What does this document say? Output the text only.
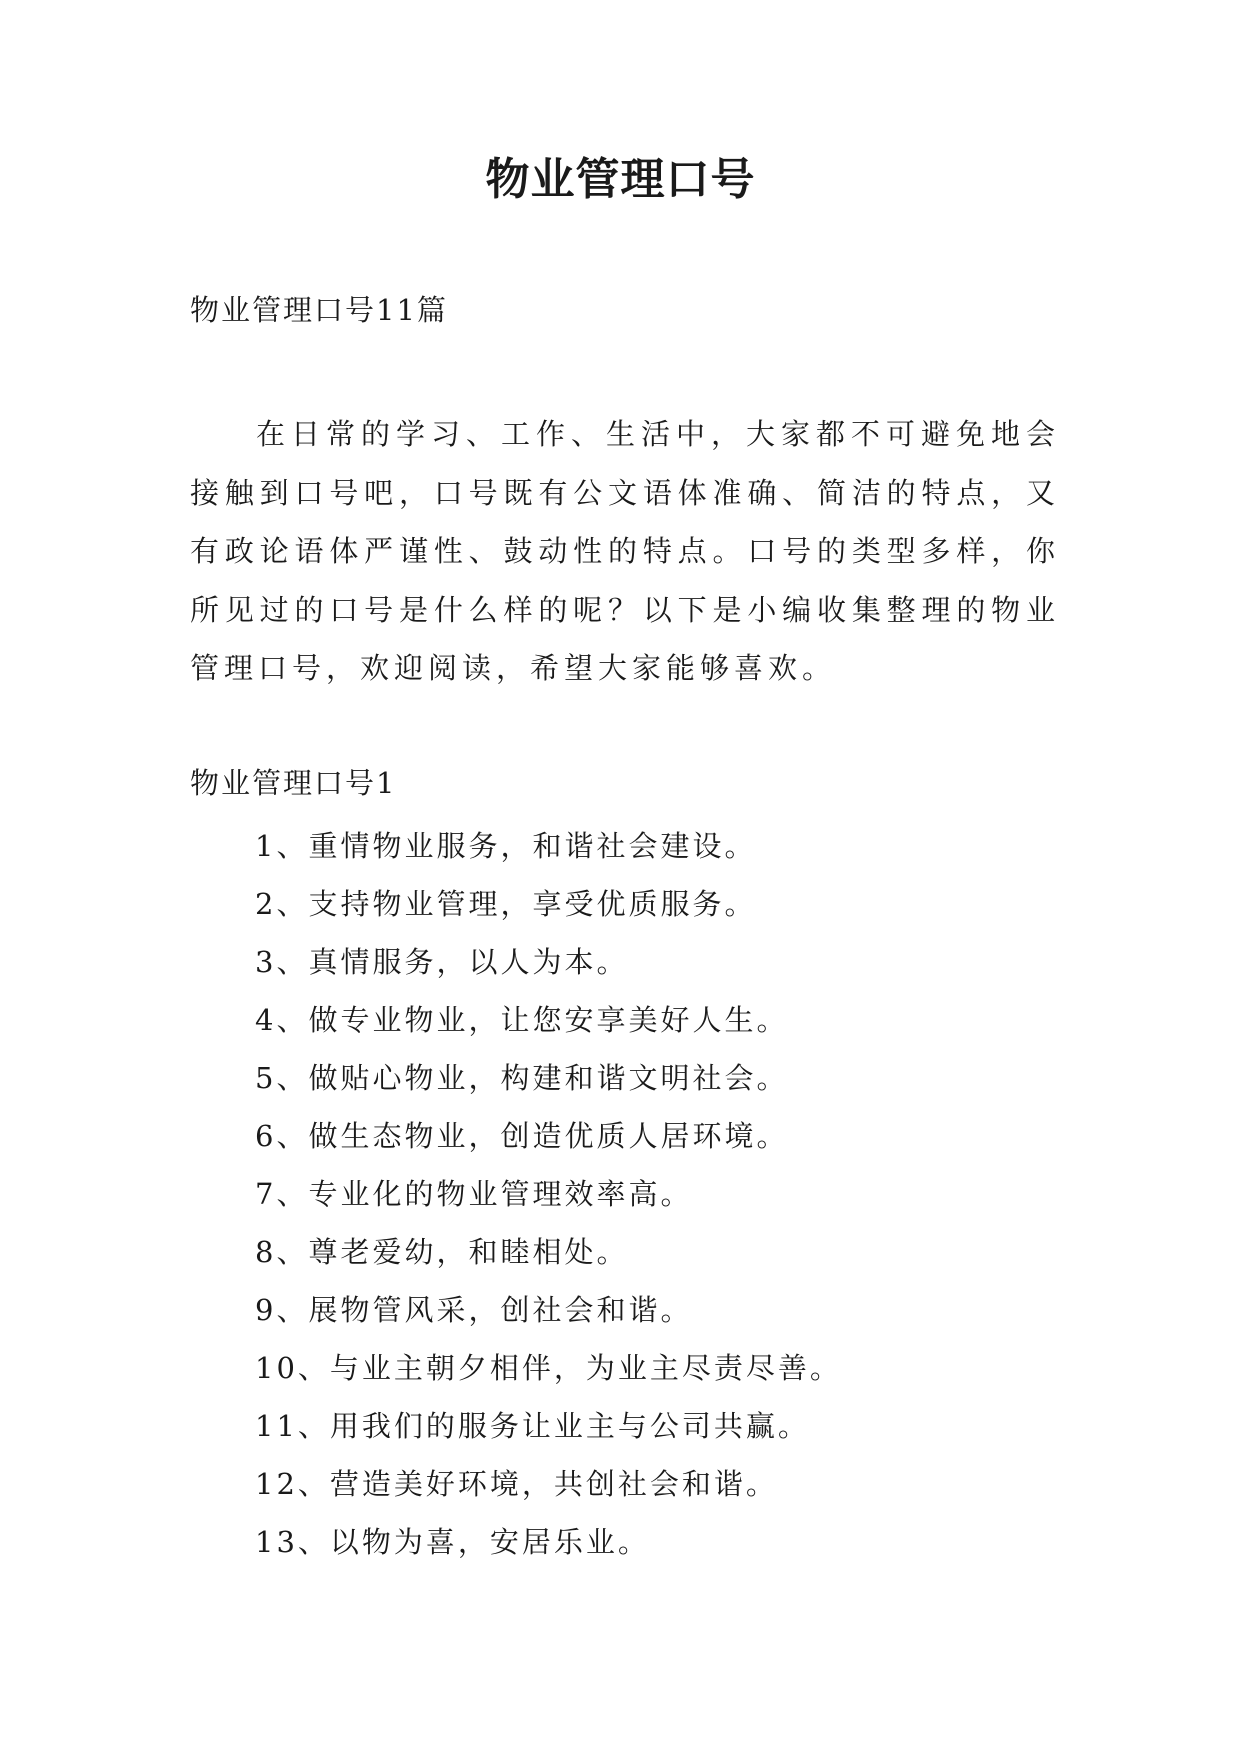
物业管理口号
物业管理口号11篇

在日常的学习、工作、生活中，大家都不可避免地会接触到口号吧，口号既有公文语体准确、简洁的特点，又有政论语体严谨性、鼓动性的特点。口号的类型多样，你所见过的口号是什么样的呢？以下是小编收集整理的物业管理口号，欢迎阅读，希望大家能够喜欢。

物业管理口号1
1、重情物业服务，和谐社会建设。
2、支持物业管理，享受优质服务。
3、真情服务，以人为本。
4、做专业物业，让您安享美好人生。
5、做贴心物业，构建和谐文明社会。
6、做生态物业，创造优质人居环境。
7、专业化的物业管理效率高。
8、尊老爱幼，和睦相处。
9、展物管风采，创社会和谐。
10、与业主朝夕相伴，为业主尽责尽善。
11、用我们的服务让业主与公司共赢。
12、营造美好环境，共创社会和谐。
13、以物为喜，安居乐业。
